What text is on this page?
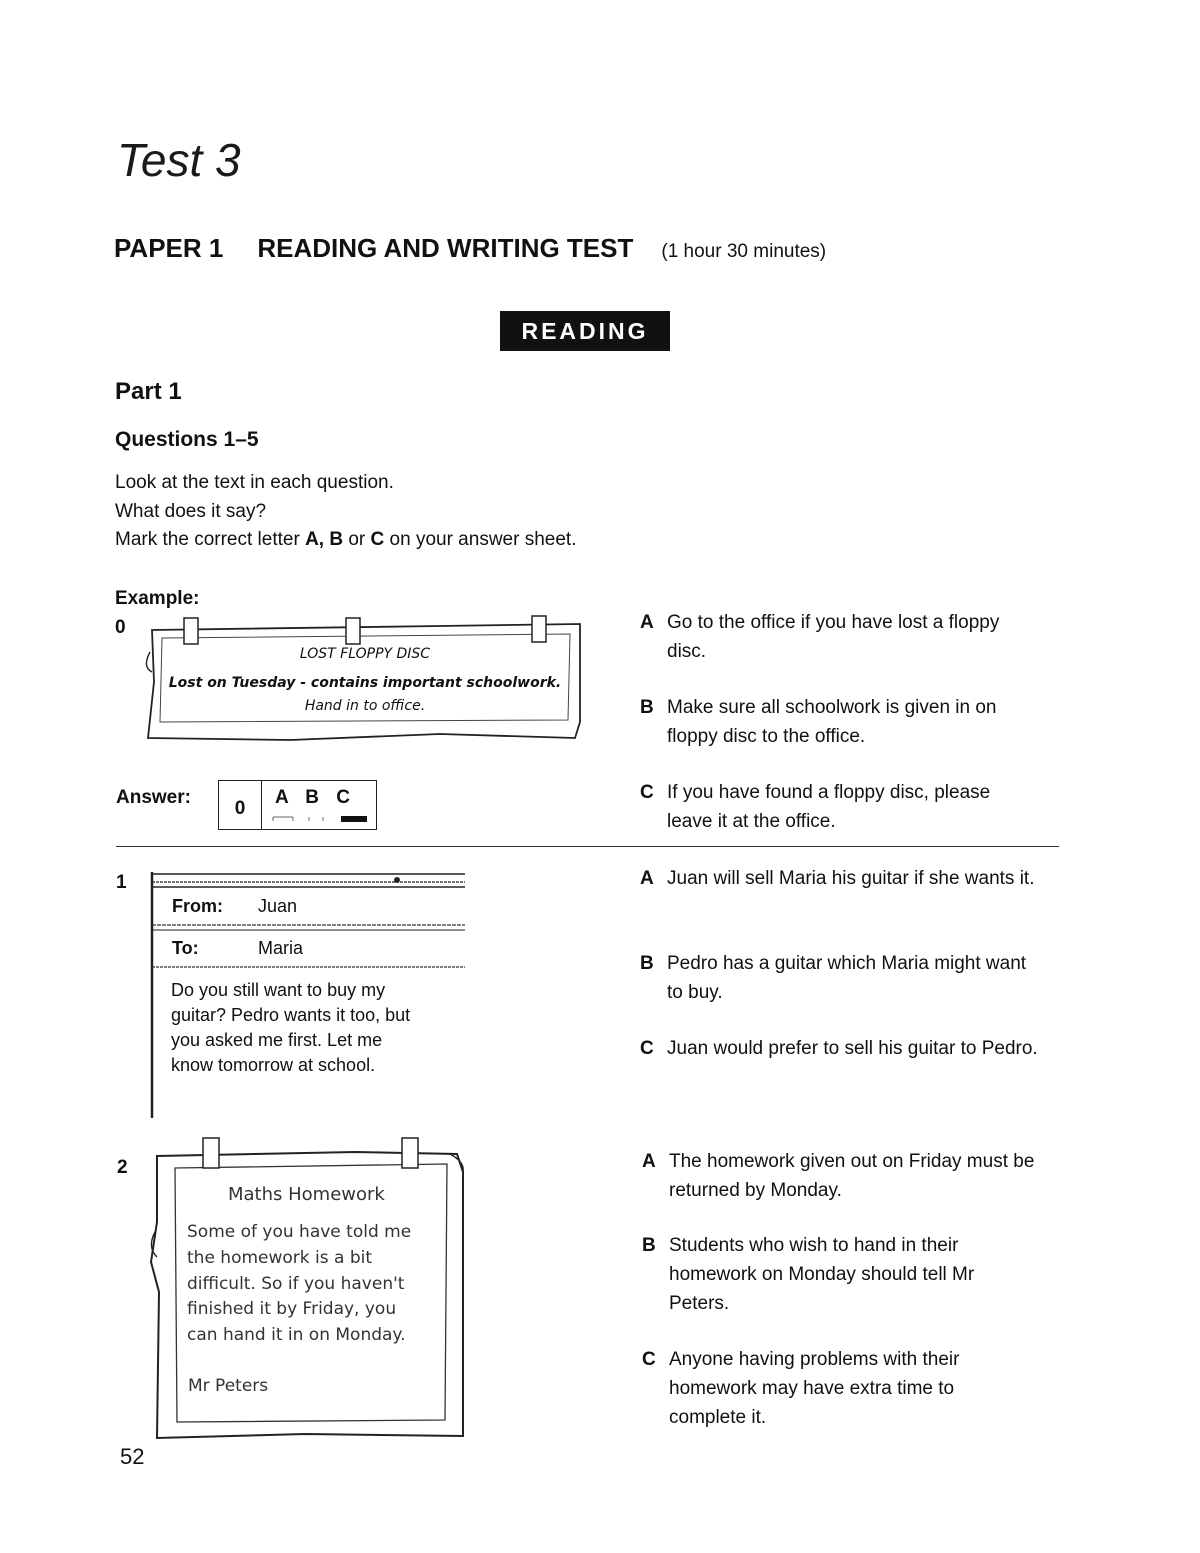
Test 3
PAPER 1 READING AND WRITING TEST (1 hour 30 minutes)
READING
Part 1
Questions 1–5
Look at the text in each question.
What does it say?
Mark the correct letter A, B or C on your answer sheet.
Example:
0
LOST FLOPPY DISC
Lost on Tuesday - contains important schoolwork.
Hand in to office.
A Go to the office if you have lost a floppy disc.
B Make sure all schoolwork is given in on floppy disc to the office.
C If you have found a floppy disc, please leave it at the office.
Answer:
0
A B C
1
From: Juan
To:	Maria
Do you still want to buy my
guitar? Pedro wants it too, but
you asked me first. Let me
know tomorrow at school.
A Juan will sell Maria his guitar if she wants it.
B Pedro has a guitar which Maria might want to buy.
C Juan would prefer to sell his guitar to Pedro.
2
Maths Homework
Some of you have told me
the homework is a bit
difficult. So if you haven't
finished it by Friday, you
can hand it in on Monday.
Mr Peters
A The homework given out on Friday must be returned by Monday.
B Students who wish to hand in their homework on Monday should tell Mr Peters.
C Anyone having problems with their homework may have extra time to complete it.
52
